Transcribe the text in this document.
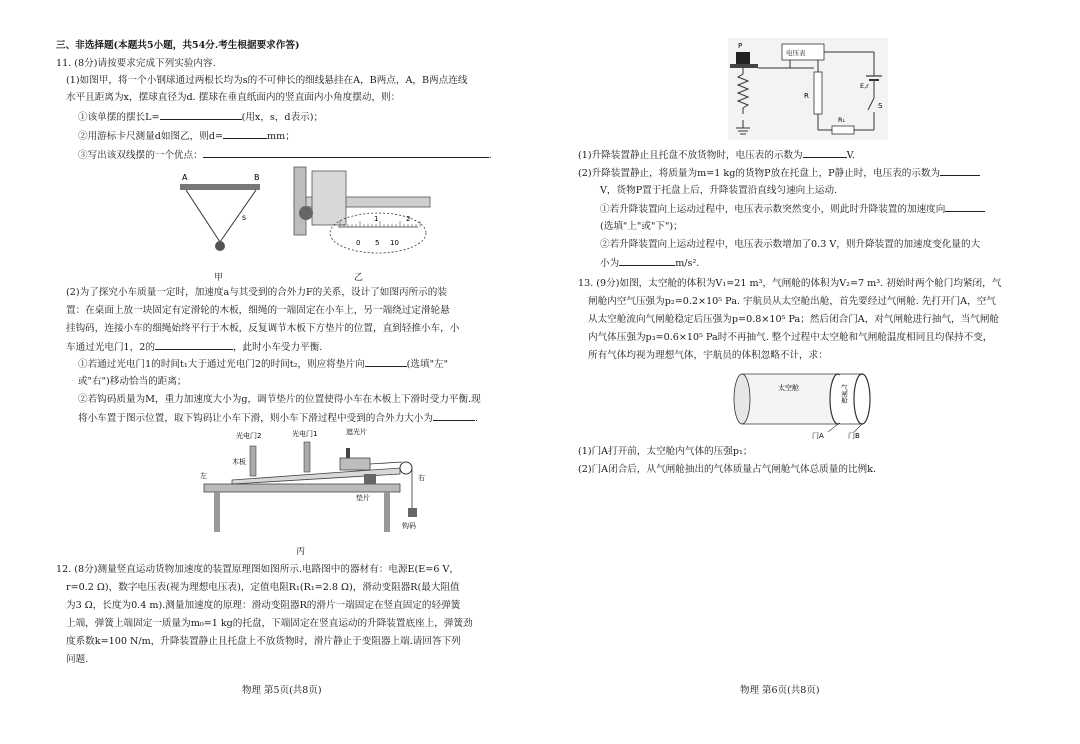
三、非选择题(本题共5小题，共54分.考生根据要求作答)
11. (8分)请按要求完成下列实验内容.
(1)如图甲，将一个小钢球通过两根长均为s的不可伸长的细线悬挂在A，B两点，A，B两点连线
水平且距离为x，摆球直径为d. 摆球在垂直纸面内的竖直面内小角度摆动，则：
①该单摆的摆长L=	(用x，s，d表示)；
②用游标卡尺测量d如图乙，则d=	mm；
③写出该双线摆的一个优点：	.
A	B
s
甲
1	2
0 5 10
乙
(2)为了探究小车质量一定时，加速度a与其受到的合外力F的关系，设计了如图丙所示的装
置：在桌面上放一块固定有定滑轮的木板，细绳的一端固定在小车上，另一端绕过定滑轮悬
挂钩码，连接小车的细绳始终平行于木板，反复调节木板下方垫片的位置，直到轻推小车，小
车通过光电门1，2的	，此时小车受力平衡.
①若通过光电门1的时间t₁大于通过光电门2的时间t₂，则应将垫片向	(选填"左"
或"右")移动恰当的距离；
②若钩码质量为M，重力加速度大小为g，调节垫片的位置使得小车在木板上下滑时受力平衡.现
将小车置于图示位置，取下钩码让小车下滑，则小车下滑过程中受到的合外力大小为	.
光电门2	光电门1	遮光片
木板
左	右
垫片
钩码
丙
12. (8分)测量竖直运动货物加速度的装置原理图如图所示.电路图中的器材有：电源E(E=6 V，
r=0.2 Ω)，数字电压表(视为理想电压表)，定值电阻R₁(R₁=2.8 Ω)，滑动变阻器R(最大阻值
为3 Ω，长度为0.4 m).测量加速度的原理：滑动变阻器R的滑片一端固定在竖直固定的轻弹簧
上端，弹簧上端固定一质量为m₀=1 kg的托盘，下端固定在竖直运动的升降装置底座上，弹簧劲
度系数k=100 N/m，升降装置静止且托盘上不放货物时，滑片静止于变阻器上端.请回答下列
问题.
物理 第5页(共8页)
P
电压表
R
E,r
S
R₁
(1)升降装置静止且托盘不放货物时，电压表的示数为	V.
(2)升降装置静止，将质量为m=1 kg的货物P放在托盘上，P静止时，电压表的示数为
V，货物P置于托盘上后，升降装置沿直线匀速向上运动.
①若升降装置向上运动过程中，电压表示数突然变小，则此时升降装置的加速度向
(选填"上"或"下")；
②若升降装置向上运动过程中，电压表示数增加了0.3 V，则升降装置的加速度变化量的大
小为	m/s².
13. (9分)如图，太空舱的体积为V₁=21 m³，气闸舱的体积为V₂=7 m³. 初始时两个舱门均紧闭，气
闸舱内空气压强为p₂=0.2×10⁵ Pa. 宇航员从太空舱出舱，首先要经过气闸舱. 先打开门A，空气
从太空舱流向气闸舱稳定后压强为p=0.8×10⁵ Pa；然后闭合门A，对气闸舱进行抽气，当气闸舱
内气体压强为p₃=0.6×10⁵ Pa时不再抽气. 整个过程中太空舱和气闸舱温度相同且均保持不变，
所有气体均视为理想气体，宇航员的体积忽略不计，求：
太空舱	气闸舱
门A	门B
(1)门A打开前，太空舱内气体的压强p₁；
(2)门A闭合后，从气闸舱抽出的气体质量占气闸舱气体总质量的比例k.
物理 第6页(共8页)
